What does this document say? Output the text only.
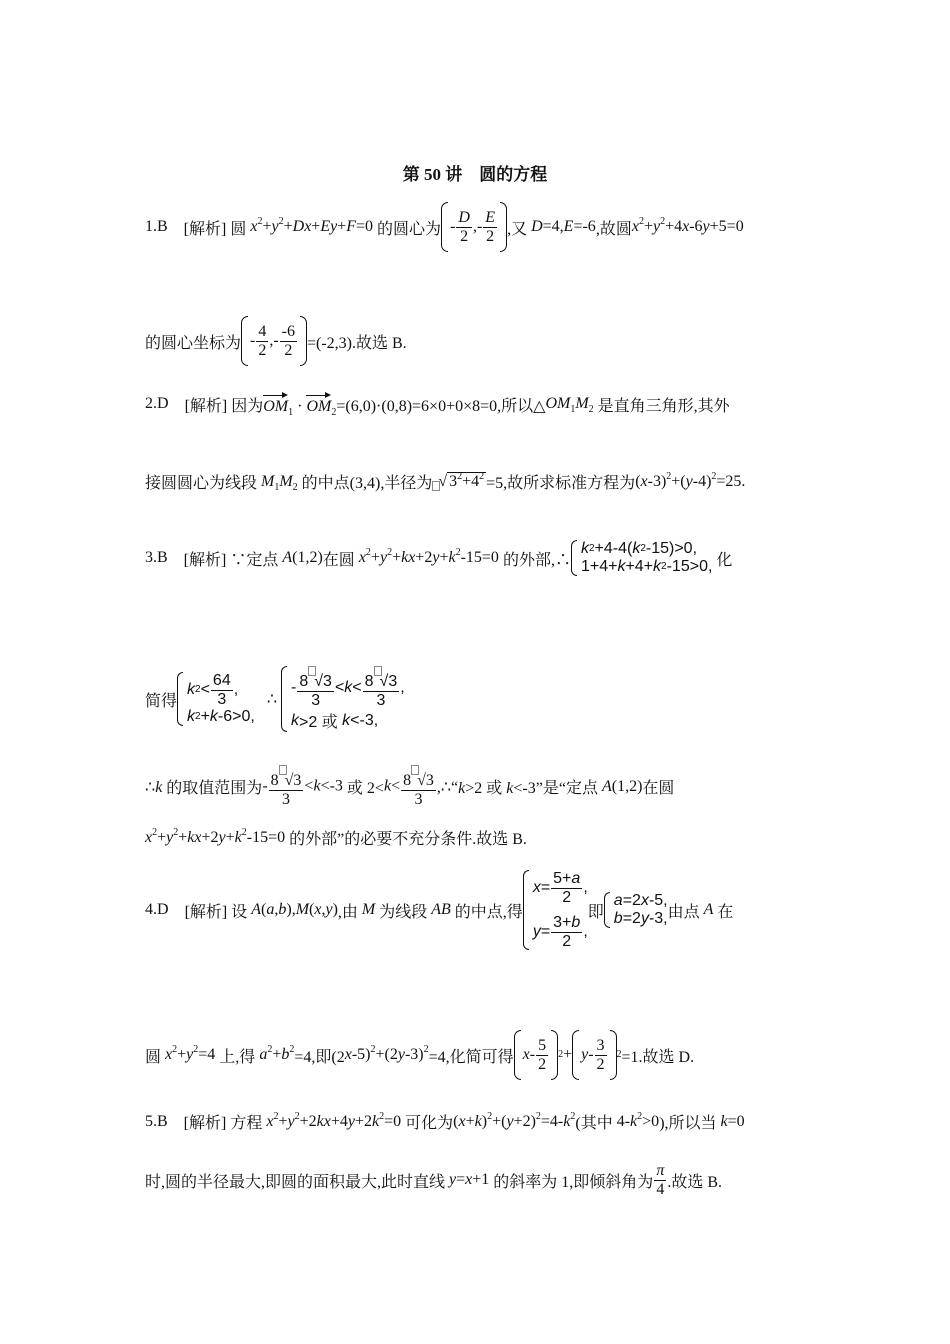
第 50 讲　圆的方程
1.B
[解析]
圆
$x^2+y^2+Dx+Ey+F=0$ 的圆心为 - $\frac{D}{2}$ ,- $\frac{E}{2}$ ,又 D=4,E=-6 ,故圆 $x^2+y^2+4x-6y+5=0$
的圆心坐标为 - $\frac{4}{2}$ ,- $\frac{-6}{2} =(-2,3)$.故选 B.
2.D
[解析]
因为 $OM_1 \cdot OM_2 =(6,0)\cdot(0,8)=6\times 0+0\times 8=0$,所以△ $OM_1M_2$ 是直角三角形,其外
接圆圆心为线段 $M_1M_2$ 的中点(3,4),半径为 √ $3^2+4^2 =5$,故所求标准方程为 $(x-3)^2+(y-4)^2 =25$.
3.B
[解析]
∵定点 A(1,2) 在圆 $x^2+y^2+kx+2y+k^2-15=0$ 的外部,∴
k 2 +4-4( k 2 -15)>0,
1+4+ k +4+ k 2 -15>0,
化
简得
k $2 < \frac{64}{3}$ ,
k 2 + k -6>0,

∴

- $\frac{8 √3}{3} < k < \frac{8 √3}{3}$ ,
k >2 或 k <-3,
∴k 的取值范围为 - $\frac{8 √3}{3} <k<-3$ 或 $2< k< \frac{8 √3}{3}$ ,∴“ k>2 或 k<-3 ”是“定点 A(1,2) 在圆
$x^2+y^2+kx+2y+k^2-15=0$ 的外部”的必要不充分条件.故选 B.
4.D
[解析]
设 A(a,b),M(x,y) ,由 M 为线段 AB 的中点,得
$x = \frac{5+a}{2}$ ,
$y = \frac{3+b}{2}$ ,
即
a =2 x -5,
b =2 y -3, 由点 A 在
圆 $x^2+y^2=4$ 上,得 $a^2+b^2 =4$,即(2 $x-5)^2+(2y-3)^2 =4$,化简可得 $x - \frac{5}{2} 2 + y - \frac{3}{2} 2 =1$.故选 D.
5.B
[解析]
方程 $x^2+y^2+2kx+4y+2k^2=0$ 可化为 $(x+k)^2+(y+2)^2=4-k^2$ (其中 $4-k^2>0$ ),所以当 k=0
时,圆的半径最大,即圆的面积最大,此时直线 y=x+1 的斜率为 1,即倾斜角为 $\frac{\pi}{4}$ .故选 B.
